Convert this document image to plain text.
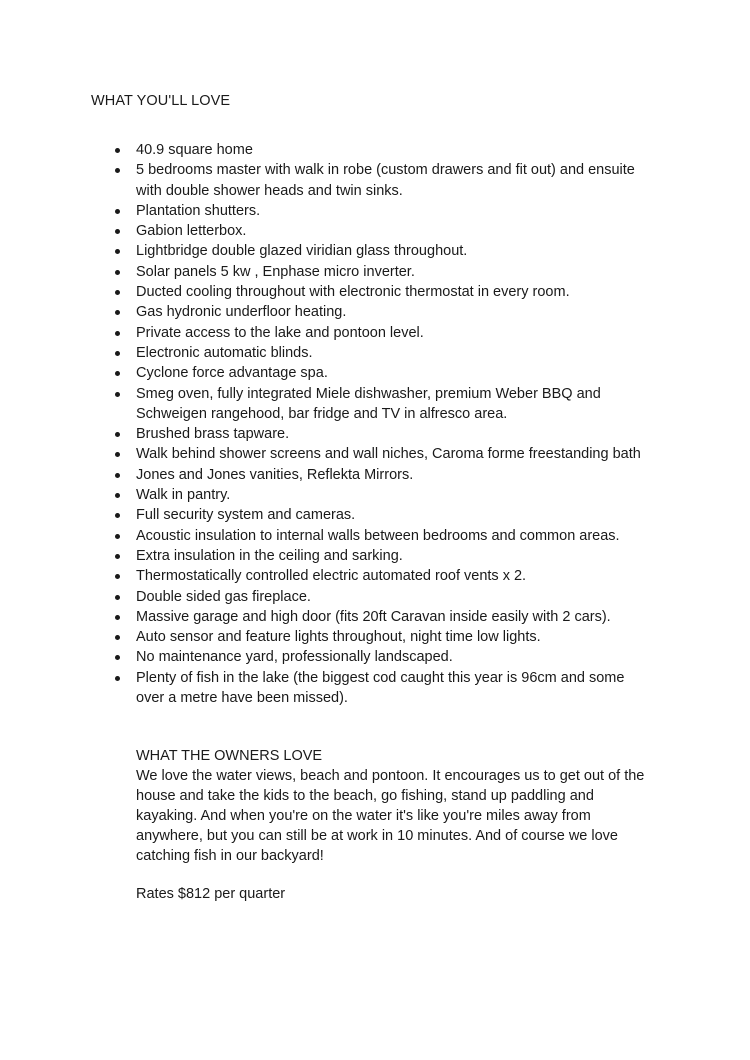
WHAT YOU'LL LOVE
40.9 square home
5 bedrooms master with walk in robe (custom drawers and fit out) and ensuite with double shower heads and twin sinks.
Plantation shutters.
Gabion letterbox.
Lightbridge double glazed viridian glass throughout.
Solar panels 5 kw , Enphase micro inverter.
Ducted cooling throughout with electronic thermostat in every room.
Gas hydronic underfloor heating.
Private access to the lake and pontoon level.
Electronic automatic blinds.
Cyclone force advantage spa.
Smeg oven, fully integrated Miele dishwasher, premium Weber BBQ and Schweigen rangehood, bar fridge and TV in alfresco area.
Brushed brass tapware.
Walk behind shower screens and wall niches, Caroma forme freestanding bath
Jones and Jones vanities, Reflekta Mirrors.
Walk in pantry.
Full security system and cameras.
Acoustic insulation to internal walls between bedrooms and common areas.
Extra insulation in the ceiling and sarking.
Thermostatically controlled electric automated roof vents x 2.
Double sided gas fireplace.
Massive garage and high door (fits 20ft Caravan inside easily with 2 cars).
Auto sensor and feature lights throughout, night time low lights.
No maintenance yard, professionally landscaped.
Plenty of fish in the lake (the biggest cod caught this year is 96cm and some over a metre have been missed).

WHAT THE OWNERS LOVE

We love the water views, beach and pontoon. It encourages us to get out of the house and take the kids to the beach, go fishing, stand up paddling and kayaking. And when you're on the water it's like you're miles away from anywhere, but you can still be at work in 10 minutes. And of course we love catching fish in our backyard!

Rates $812 per quarter
